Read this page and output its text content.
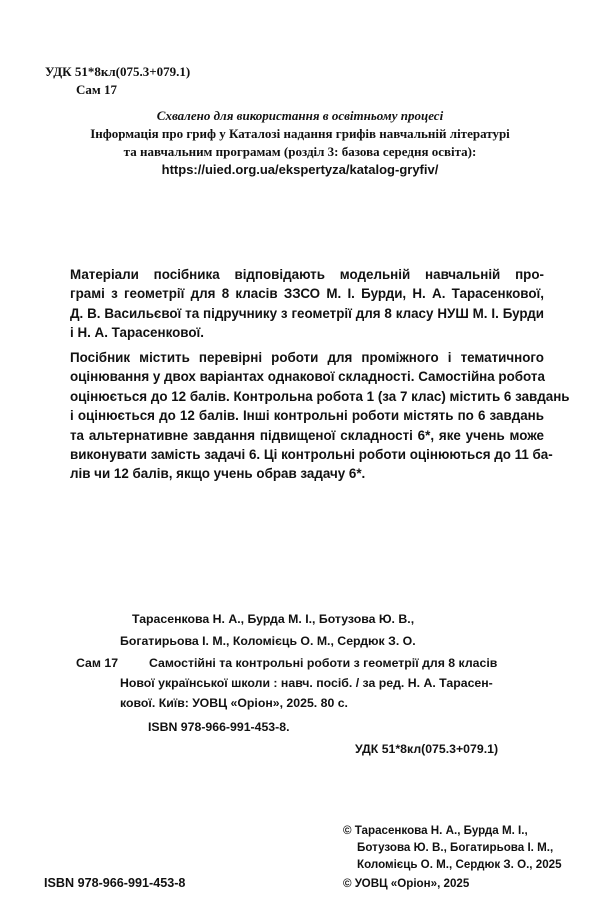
УДК 51*8кл(075.3+079.1)
Сам 17
Схвалено для використання в освітньому процесі
Інформація про гриф у Каталозі надання грифів навчальній літературі
та навчальним програмам (розділ 3: базова середня освіта):
https://uied.org.ua/ekspertyza/katalog-gryfiv/
Матеріали посібника відповідають модельній навчальній про-
грамі з геометрії для 8 класів ЗЗСО М. І. Бурди, Н. А. Тарасенкової,
Д. В. Васильєвої та підручнику з геометрії для 8 класу НУШ М. І. Бурди
і Н. А. Тарасенкової.
Посібник містить перевірні роботи для проміжного і тематичного
оцінювання у двох варіантах однакової складності. Самостійна робота
оцінюється до 12 балів. Контрольна робота 1 (за 7 клас) містить 6 завдань
і оцінюється до 12 балів. Інші контрольні роботи містять по 6 завдань
та альтернативне завдання підвищеної складності 6*, яке учень може
виконувати замість задачі 6. Ці контрольні роботи оцінюються до 11 ба-
лів чи 12 балів, якщо учень обрав задачу 6*.
Тарасенкова Н. А., Бурда М. І., Ботузова Ю. В.,
Богатирьова І. М., Коломієць О. М., Сердюк З. О.
Сам 17	Самостійні та контрольні роботи з геометрії для 8 класів
Нової української школи : навч. посіб. / за ред. Н. А. Тарасен-
кової. Київ: УОВЦ «Оріон», 2025. 80 с.
ISBN 978-966-991-453-8.
УДК 51*8кл(075.3+079.1)
© Тарасенкова Н. А., Бурда М. І.,
Ботузова Ю. В., Богатирьова І. М.,
Коломієць О. М., Сердюк З. О., 2025
© УОВЦ «Оріон», 2025
ISBN 978-966-991-453-8
